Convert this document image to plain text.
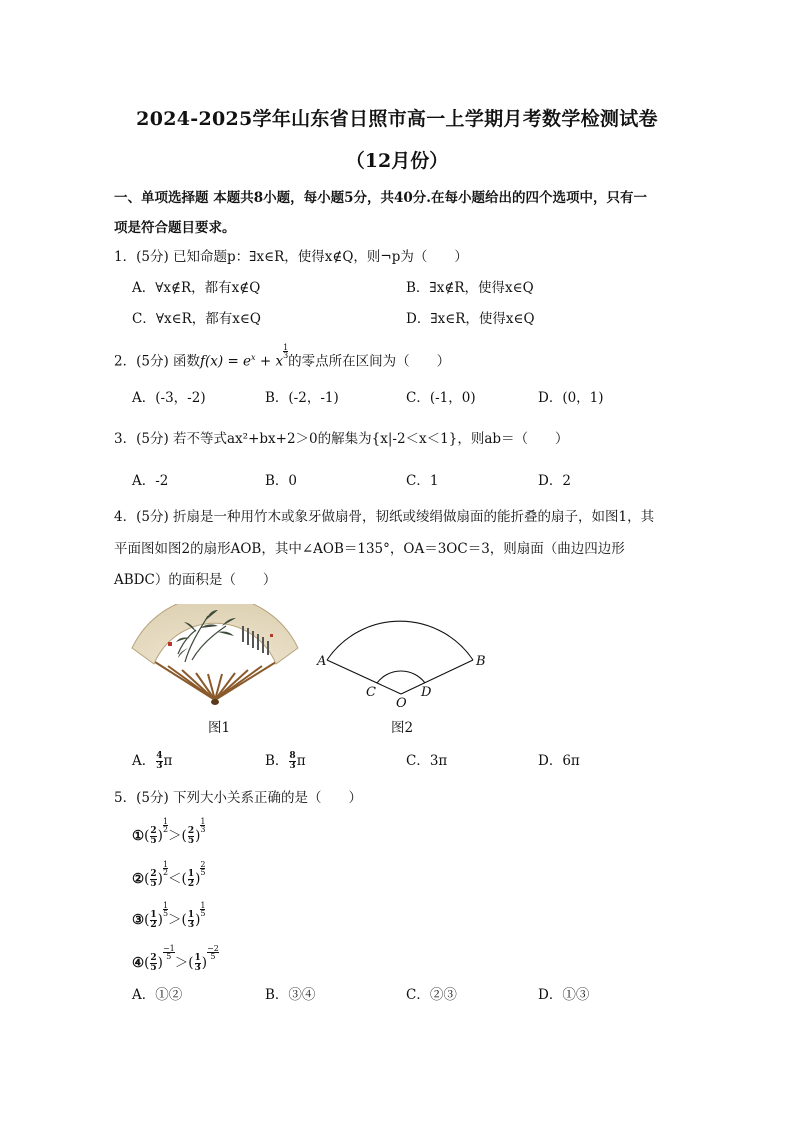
2024-2025学年山东省日照市高一上学期月考数学检测试卷
（12月份）
一、单项选择题 本题共8小题，每小题5分，共40分.在每小题给出的四个选项中，只有一
项是符合题目要求。
1．(5分) 已知命题p：∃x∈R，使得x∉Q，则¬p为（　　）
A．∀x∉R，都有x∉Q	B．∃x∉R，使得x∈Q
C．∀x∈R，都有x∈Q	D．∃x∈R，使得x∈Q
2．(5分) 函数$f(x) = e^x + x$
$\frac{1}{3}$
的零点所在区间为（　　）
A．(-3，-2)	B．(-2，-1)	C．(-1，0)	D．(0，1)
3．(5分) 若不等式ax²+bx+2＞0的解集为{x|-2＜x＜1}，则ab＝（　　）
A．-2	B．0	C．1	D．2
4．(5分) 折扇是一种用竹木或象牙做扇骨，韧纸或绫绢做扇面的能折叠的扇子，如图1，其
平面图如图2的扇形AOB，其中∠AOB＝135°，OA＝3OC＝3，则扇面（曲边四边形
ABDC）的面积是（　　）
图1
A	B
C	D
O
图2
A． $\frac{4}{3}$ π	B． $\frac{8}{3}$ π	C．3π	D．6π
5．(5分) 下列大小关系正确的是（　　）
①( $\frac{2}{5}$ )
$\frac{1}{2}$
＞( $\frac{2}{5}$ )
$\frac{1}{3}$
②( $\frac{2}{5}$ )
$\frac{1}{2}$
＜( $\frac{1}{2}$ )
$\frac{2}{5}$
③( $\frac{1}{2}$ )
$\frac{1}{5}$
＞( $\frac{1}{3}$ )
$\frac{1}{5}$
④( $\frac{2}{5}$ )
$\frac{-1}{5}$
＞( $\frac{1}{3}$ )
$\frac{-2}{5}$
A．①②	B．③④	C．②③	D．①③
